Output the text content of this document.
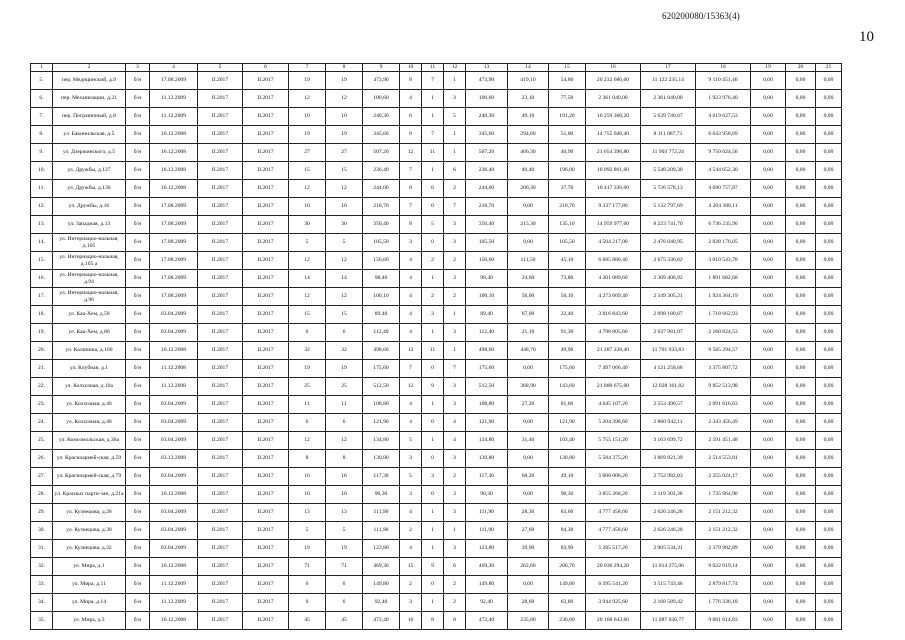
620200080/15363(4)
10
1	2	3	4	5	6	7	8	9	10	11	12	13	14	15	16	17	18	19	20	21
5.	пер. Медицинский, д.9	б/н	17.08.2009	II.2017	II.2017	19	19	473,90	8	7	1	473,90	419,10	54,80	20 232 686,60	11 122 235,14	9 110 451,46	0,00	0,00	0,00
6.	пер. Механизации, д.21	б/н	11.12.2009	II.2017	II.2017	12	12	100,60	4	1	3	100,60	23,10	77,50	2 361 040,00	2 361 040,00	1 923 976,40	0,00	0,00	0,00
7.	пер. Пограничный, д.8	б/н	11.12.2009	II.2017	II.2017	10	10	240,30	6	1	5	240,30	49,10	191,20	10 259 368,20	5 639 740,67	4 619 627,53	0,00	0,00	0,00
8.	ул. Бакинильская, д.5	б/н	16.12.2008	II.2017	II.2017	19	19	345,60	8	7	1	345,60	294,60	51,00	14 755 046,40	8 111 087,71	6 643 958,69	0,00	0,00	0,00
9.	ул. Дзержинского, д.5	б/н	16.12.2008	II.2017	II.2017	27	27	507,20	12	11	1	507,20	466,30	40,90	21 654 396,80	11 903 772,24	9 750 624,56	0,00	0,00	0,00
10.	ул. Дружбы, д.127	б/н	16.12.2008	II.2017	II.2017	15	15	236,40	7	1	6	236,40	40,40	196,00	10 092 861,60	5 548 209,30	4 544 652,30	0,00	0,00	0,00
11.	ул. Дружбы, д.136	б/н	16.12.2008	II.2017	II.2017	12	12	244,00	8	6	2	244,00	206,30	37,70	10 417 336,00	5 726 578,13	4 690 757,87	0,00	0,00	0,00
12.	ул. Дружбы, д.16	б/н	17.08.2009	II.2017	II.2017	10	10	218,70	7	0	7	218,70	0,00	218,70	9 337 177,80	5 132 797,69	4 204 380,11	0,00	0,00	0,00
13.	ул. Западная, д.13	б/н	17.08.2009	II.2017	II.2017	30	30	350,40	8	5	3	350,40	215,30	135,10	14 959 977,60	8 223 741,70	6 736 235,90	0,00	0,00	0,00
14.	ул. Интернацио-нальная, д.105	б/н	17.08.2009	II.2017	II.2017	5	5	105,50	3	0	3	105,50	0,00	105,50	4 504 217,00	2 476 040,95	2 028 176,05	0,00	0,00	0,00
15.	ул. Интернацио-нальная, д.105 а	б/н	17.08.2009	II.2017	II.2017	12	12	156,60	4	2	2	156,60	111,50	45,10	6 685 880,40	3 675 336,62	3 010 543,78	0,00	0,00	0,00
16.	ул. Интернацио-нальная, д.94	б/н	17.08.2009	II.2017	II.2017	14	14	98,40	4	1	3	98,40	24,60	73,80	4 201 089,60	2 309 406,92	1 891 682,68	0,00	0,00	0,00
17.	ул. Интернацио-нальная, д.96	б/н	17.08.2009	II.2017	II.2017	12	12	100,10	4	2	2	100,10	50,00	50,10	4 273 669,40	2 349 305,21	1 924 364,19	0,00	0,00	0,00
18.	ул. Каа-Хем, д.58	б/н	03.04.2009	II.2017	II.2017	15	15	89,40	4	3	1	89,40	67,00	22,40	3 816 843,60	2 098 180,67	1 718 662,93	0,00	0,00	0,00
19.	ул. Каа-Хем, д.80	б/н	03.04.2009	II.2017	II.2017	6	6	112,40	4	1	3	112,40	21,10	91,30	4 798 805,60	2 637 981,07	2 160 824,53	0,00	0,00	0,00
20.	ул. Калинина, д.100	б/н	16.12.2008	II.2017	II.2017	32	32	498,60	12	11	1	498,60	448,70	49,90	21 287 228,40	11 701 933,83	9 585 294,57	0,00	0,00	0,00
21.	ул. Клубная, д.1	б/н	11.12.2008	II.2017	II.2017	19	19	175,60	7	0	7	175,60	0,00	175,60	7 497 066,40	4 121 258,68	3 375 807,72	0,00	0,00	0,00
22.	ул. Колхозная, д.10а	б/н	11.12.2008	II.2017	II.2017	25	25	512,50	12	9	3	512,50	368,90	143,60	21 880 675,00	12 028 161,02	9 852 513,98	0,00	0,00	0,00
23.	ул. Колхозная, д.46	б/н	03.04.2009	II.2017	II.2017	11	11	108,80	4	1	3	108,80	27,20	81,60	4 645 107,20	2 553 490,57	2 091 616,63	0,00	0,00	0,00
24.	ул. Колхозная, д.48	б/н	03.04.2009	II.2017	II.2017	6	6	121,90	4	0	4	121,90	0,00	121,90	5 204 398,60	2 860 942,11	2 343 456,49	0,00	0,00	0,00
25.	ул. Комсомольская, д.36а	б/н	03.04.2009	II.2017	II.2017	12	12	134,80	5	1	4	134,80	31,40	103,40	5 755 151,20	3 163 699,72	2 591 451,48	0,00	0,00	0,00
26.	ул. Красноармей-ская, д.59	б/н	03.12.2008	II.2017	II.2017	8	8	130,80	3	0	3	130,80	0,00	130,80	5 584 375,20	3 069 821,39	2 514 553,81	0,00	0,00	0,00
27.	ул. Красноармей-ская, д.79	б/н	03.04.2009	II.2017	II.2017	16	16	117,30	5	3	2	117,30	68,20	49,10	5 008 006,20	2 752 982,03	2 255 024,17	0,00	0,00	0,00
28.	ул. Красных парти-зан, д.21а	б/н	16.12.2008	II.2017	II.2017	10	10	90,30	3	0	3	90,30	0,00	90,30	3 855 268,20	2 119 303,30	1 735 964,90	0,00	0,00	0,00
29.	ул. Кузнецова, д.28	б/н	03.04.2009	II.2017	II.2017	13	13	111,90	4	1	3	111,90	28,30	83,60	4 777 458,60	2 626 246,28	2 151 212,32	0,00	0,00	0,00
30.	ул. Кузнецова, д.30	б/н	03.04.2009	II.2017	II.2017	5	5	111,90	2	1	1	111,90	27,60	84,30	4 777 458,60	2 626 246,28	2 151 212,32	0,00	0,00	0,00
31.	ул. Кузнецова, д.32	б/н	03.04.2009	II.2017	II.2017	19	19	123,80	4	1	3	123,80	39,90	83,90	5 285 517,20	2 905 534,31	2 379 982,89	0,00	0,00	0,00
32.	ул. Мира, д.1	б/н	16.12.2008	II.2017	II.2017	71	71	469,30	15	9	6	469,30	262,60	206,70	20 036 294,20	11 014 275,06	9 022 019,14	0,00	0,00	0,00
33.	ул. Мира, д.11	б/н	11.12.2009	II.2017	II.2017	6	6	149,80	2	0	2	149,80	0,00	149,80	6 395 541,20	3 515 743,46	2 879 817,74	0,00	0,00	0,00
34.	ул. Мира, д.14	б/н	11.12.2009	II.2017	II.2017	6	6	92,40	3	1	2	92,40	28,60	63,80	3 944 925,60	2 168 589,42	1 776 336,18	0,00	0,00	0,00
35.	ул. Мира, д.3	б/н	16.12.2008	II.2017	II.2017	45	45	472,40	16	8	8	472,40	235,80	236,60	20 168 643,60	11 087 030,77	9 081 614,83	0,00	0,00	0,00
